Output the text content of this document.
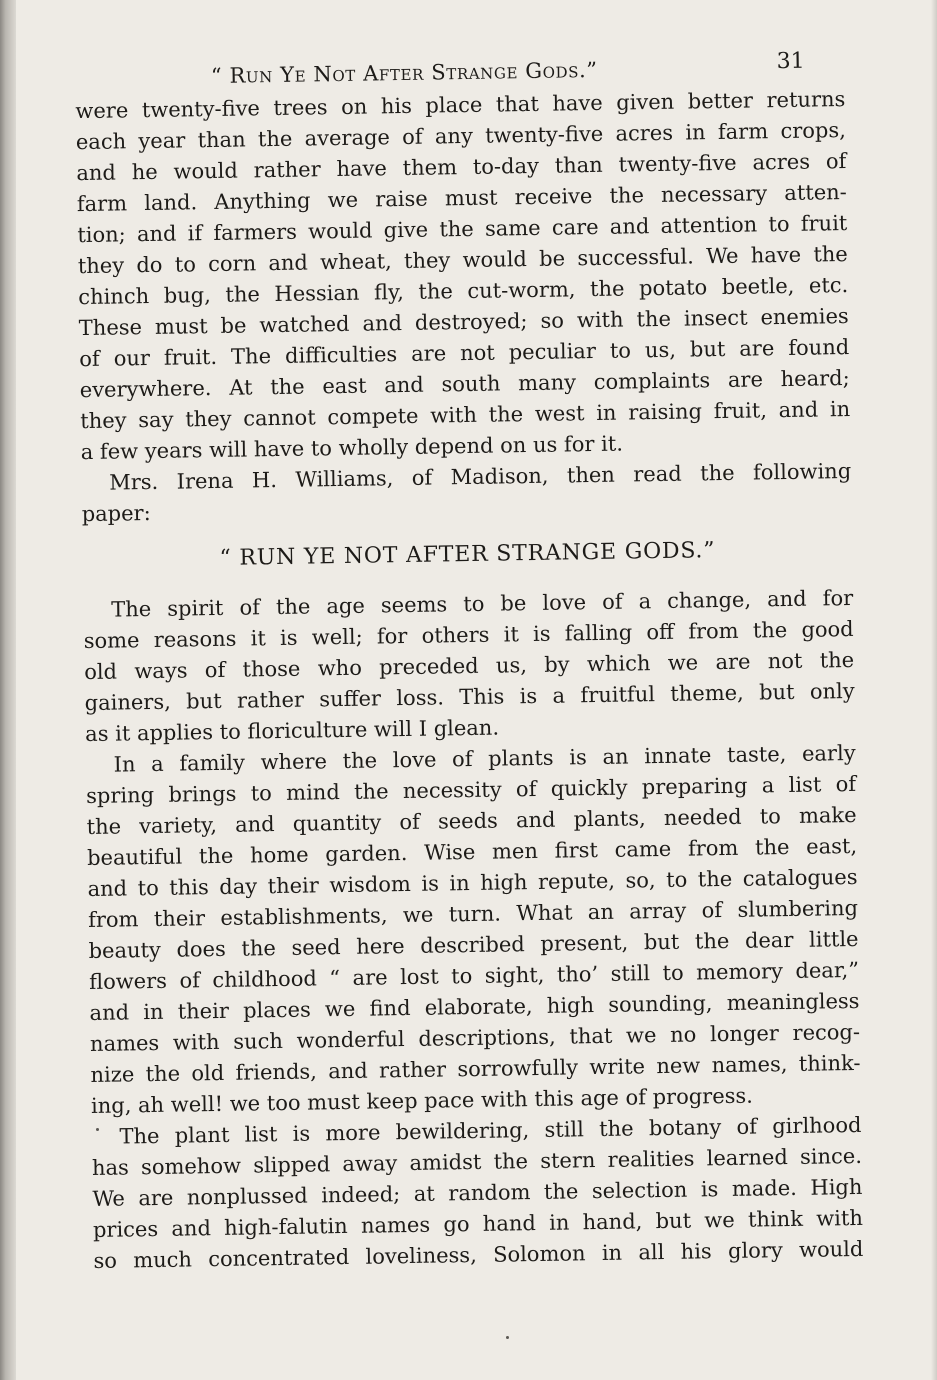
“ Run Ye Not After Strange Gods.”	31

were twenty-five trees on his place that have given better returns
each year than the average of any twenty-five acres in farm crops,
and he would rather have them to-day than twenty-five acres of
farm land. Anything we raise must receive the necessary atten-
tion; and if farmers would give the same care and attention to fruit
they do to corn and wheat, they would be successful. We have the
chinch bug, the Hessian fly, the cut-worm, the potato beetle, etc.
These must be watched and destroyed; so with the insect enemies
of our fruit. The difficulties are not peculiar to us, but are found
everywhere. At the east and south many complaints are heard;
they say they cannot compete with the west in raising fruit, and in
a few years will have to wholly depend on us for it.

Mrs. Irena H. Williams, of Madison, then read the following
paper:

“ RUN YE NOT AFTER STRANGE GODS.”

The spirit of the age seems to be love of a change, and for
some reasons it is well; for others it is falling off from the good
old ways of those who preceded us, by which we are not the
gainers, but rather suffer loss. This is a fruitful theme, but only
as it applies to floriculture will I glean.

In a family where the love of plants is an innate taste, early
spring brings to mind the necessity of quickly preparing a list of
the variety, and quantity of seeds and plants, needed to make
beautiful the home garden. Wise men first came from the east,
and to this day their wisdom is in high repute, so, to the catalogues
from their establishments, we turn. What an array of slumbering
beauty does the seed here described present, but the dear little
flowers of childhood “ are lost to sight, tho’ still to memory dear,”
and in their places we find elaborate, high sounding, meaningless
names with such wonderful descriptions, that we no longer recog-
nize the old friends, and rather sorrowfully write new names, think-
ing, ah well! we too must keep pace with this age of progress.

The plant list is more bewildering, still the botany of girlhood
has somehow slipped away amidst the stern realities learned since.
We are nonplussed indeed; at random the selection is made. High
prices and high-falutin names go hand in hand, but we think with
so much concentrated loveliness, Solomon in all his glory would
